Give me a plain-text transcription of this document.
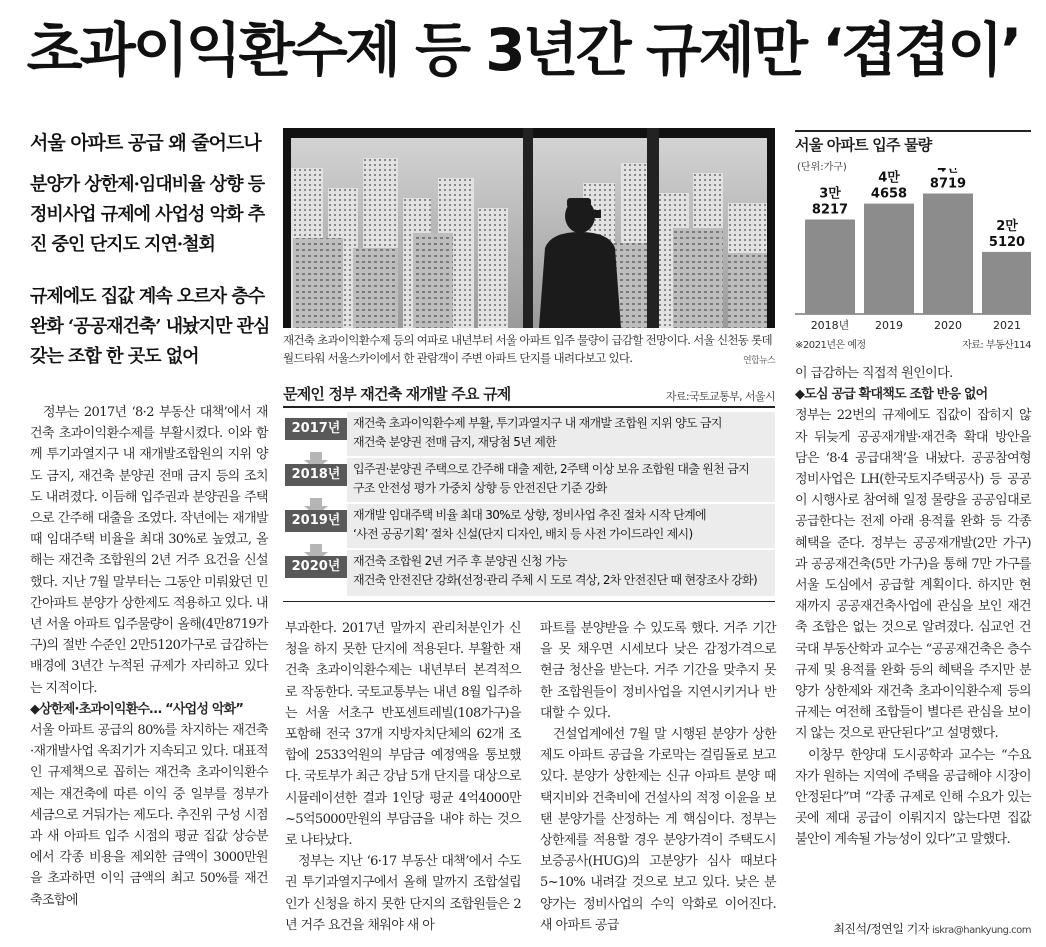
초과이익환수제 등 3년간 규제만 ‘겹겹이’
서울 아파트 공급 왜 줄어드나
분양가 상한제·임대비율 상향 등 정비사업 규제에 사업성 악화 추진 중인 단지도 지연·철회
규제에도 집값 계속 오르자 층수완화 ‘공공재건축’ 내놨지만 관심 갖는 조합 한 곳도 없어

정부는 2017년 ‘8·2 부동산 대책’에서 재건축 초과이익환수제를 부활시켰다. 이와 함께 투기과열지구 내 재개발조합원의 지위 양도 금지, 재건축 분양권 전매 금지 등의 조치도 내려졌다. 이듬해 입주권과 분양권을 주택으로 간주해 대출을 조였다. 작년에는 재개발 때 임대주택 비율을 최대 30%로 높였고, 올해는 재건축 조합원의 2년 거주 요건을 신설했다. 지난 7월 말부터는 그동안 미뤄왔던 민간아파트 분양가 상한제도 적용하고 있다. 내년 서울 아파트 입주물량이 올해(4만8719가구)의 절반 수준인 2만5120가구로 급감하는 배경에 3년간 누적된 규제가 자리하고 있다는 지적이다.

◆상한제·초과이익환수… “사업성 악화”

서울 아파트 공급의 80%를 차지하는 재건축·재개발사업 옥죄기가 지속되고 있다. 대표적인 규제책으로 꼽히는 재건축 초과이익환수제는 재건축에 따른 이익 중 일부를 정부가 세금으로 거둬가는 제도다. 추진위 구성 시점과 새 아파트 입주 시점의 평균 집값 상승분에서 각종 비용을 제외한 금액이 3000만원을 초과하면 이익 금액의 최고 50%를 재건축조합에

재건축 초과이익환수제 등의 여파로 내년부터 서울 아파트 입주 물량이 급감할 전망이다. 서울 신천동 롯데월드타워 서울스카이에서 한 관람객이 주변 아파트 단지를 내려다보고 있다.	연합뉴스
문제인 정부 재건축 재개발 주요 규제	자료:국토교통부, 서울시
2017년	재건축 초과이익환수제 부활, 투기과열지구 내 재개발 조합원 지위 양도 금지
재건축 분양권 전매 금지, 재당첨 5년 제한
2018년	입주권·분양권 주택으로 간주해 대출 제한, 2주택 이상 보유 조합원 대출 원천 금지
구조 안전성 평가 가중치 상향 등 안전진단 기준 강화
2019년	재개발 임대주택 비율 최대 30%로 상향, 정비사업 추진 절차 시작 단계에
‘사전 공공기획’ 절차 신설(단지 디자인, 배치 등 사전 가이드라인 제시)
2020년	재건축 조합원 2년 거주 후 분양권 신청 가능
재건축 안전진단 강화(선정·관리 주체 시 도로 격상, 2차 안전진단 때 현장조사 강화)

부과한다. 2017년 말까지 관리처분인가 신청을 하지 못한 단지에 적용된다. 부활한 재건축 초과이익환수제는 내년부터 본격적으로 작동한다. 국토교통부는 내년 8월 입주하는 서울 서초구 반포센트레빌(108가구)을 포함해 전국 37개 지방자치단체의 62개 조합에 2533억원의 부담금 예정액을 통보했다. 국토부가 최근 강남 5개 단지를 대상으로 시뮬레이션한 결과 1인당 평균 4억4000만~5억5000만원의 부담금을 내야 하는 것으로 나타났다.

정부는 지난 ‘6·17 부동산 대책’에서 수도권 투기과열지구에서 올해 말까지 조합설립 인가 신청을 하지 못한 단지의 조합원들은 2년 거주 요건을 채워야 새 아

파트를 분양받을 수 있도록 했다. 거주 기간을 못 채우면 시세보다 낮은 감정가격으로 현금 청산을 받는다. 거주 기간을 맞추지 못한 조합원들이 정비사업을 지연시키거나 반대할 수 있다.

건설업계에선 7월 말 시행된 분양가 상한제도 아파트 공급을 가로막는 걸림돌로 보고 있다. 분양가 상한제는 신규 아파트 분양 때 택지비와 건축비에 건설사의 적정 이윤을 보탠 분양가를 산정하는 게 핵심이다. 정부는 상한제를 적용할 경우 분양가격이 주택도시보증공사(HUG)의 고분양가 심사 때보다 5~10% 내려갈 것으로 보고 있다. 낮은 분양가는 정비사업의 수익 악화로 이어진다. 새 아파트 공급

서울 아파트 입주 물량
(단위:가구)
3만
8217
2018년
4만
4658
2019
4만
8719
2020
2만
5120
2021
※2021년은 예정	자료: 부동산114

이 급감하는 직접적 원인이다.

◆도심 공급 확대책도 조합 반응 없어

정부는 22번의 규제에도 집값이 잡히지 않자 뒤늦게 공공재개발·재건축 확대 방안을 담은 ‘8·4 공급대책’을 내놨다. 공공참여형 정비사업은 LH(한국토지주택공사) 등 공공이 시행사로 참여해 일정 물량을 공공임대로 공급한다는 전제 아래 용적률 완화 등 각종 혜택을 준다. 정부는 공공재개발(2만 가구)과 공공재건축(5만 가구)을 통해 7만 가구를 서울 도심에서 공급할 계획이다. 하지만 현재까지 공공재건축사업에 관심을 보인 재건축 조합은 없는 것으로 알려졌다. 심교언 건국대 부동산학과 교수는 “공공재건축은 층수 규제 및 용적률 완화 등의 혜택을 주지만 분양가 상한제와 재건축 초과이익환수제 등의 규제는 여전해 조합들이 별다른 관심을 보이지 않는 것으로 판단된다”고 설명했다.

이창무 한양대 도시공학과 교수는 “수요자가 원하는 지역에 주택을 공급해야 시장이 안정된다”며 “각종 규제로 인해 수요가 있는 곳에 제대 공급이 이뤄지지 않는다면 집값 불안이 계속될 가능성이 있다”고 말했다.

최진석/정연일 기자 iskra@hankyung.com
